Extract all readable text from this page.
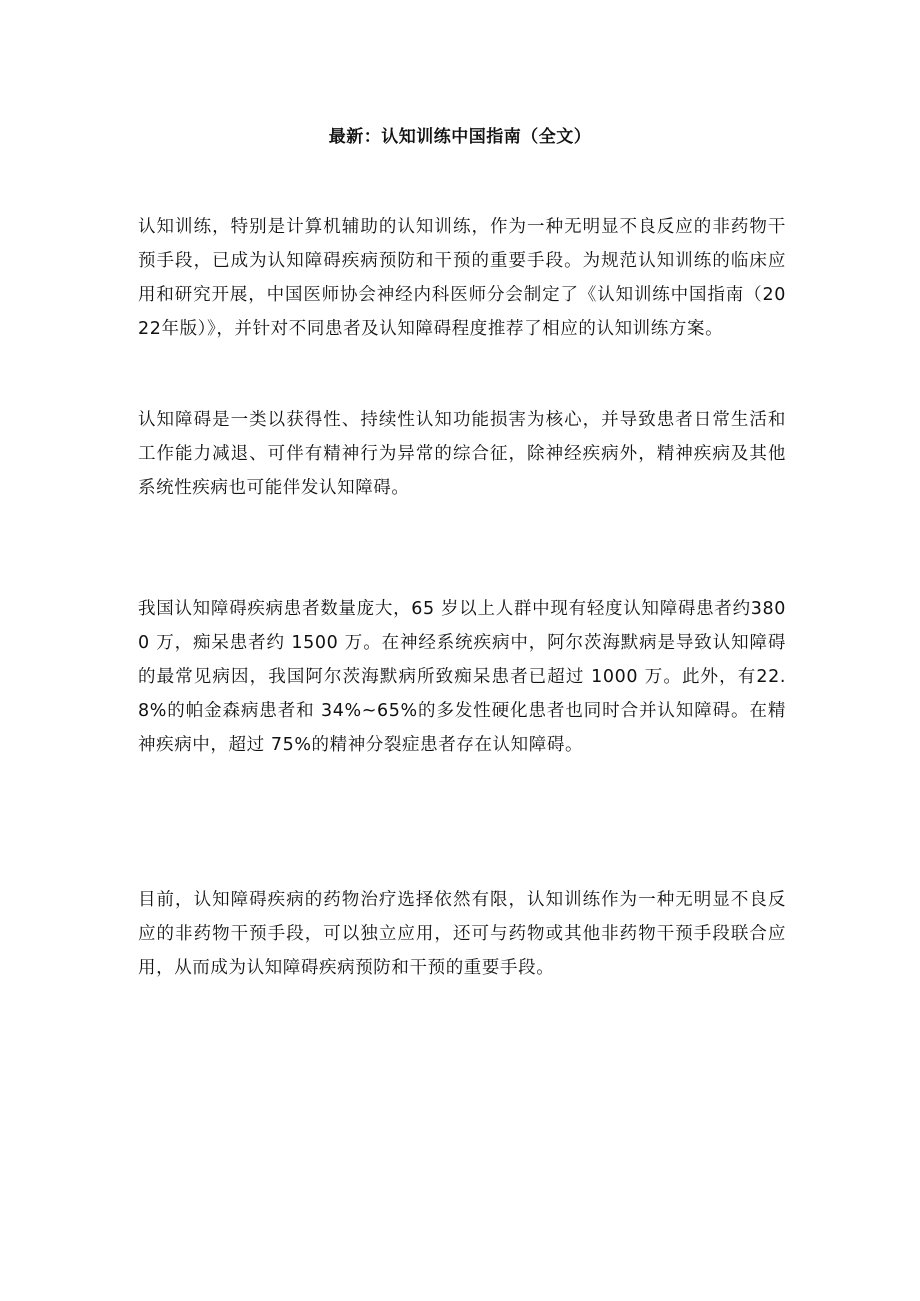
最新：认知训练中国指南（全文）
认知训练，特别是计算机辅助的认知训练，作为一种无明显不良反应的非药物干预手段，已成为认知障碍疾病预防和干预的重要手段。为规范认知训练的临床应用和研究开展，中国医师协会神经内科医师分会制定了《认知训练中国指南（2022年版）》，并针对不同患者及认知障碍程度推荐了相应的认知训练方案。
认知障碍是一类以获得性、持续性认知功能损害为核心，并导致患者日常生活和工作能力减退、可伴有精神行为异常的综合征，除神经疾病外，精神疾病及其他系统性疾病也可能伴发认知障碍。
我国认知障碍疾病患者数量庞大，65 岁以上人群中现有轻度认知障碍患者约3800 万，痴呆患者约 1500 万。在神经系统疾病中，阿尔茨海默病是导致认知障碍的最常见病因，我国阿尔茨海默病所致痴呆患者已超过 1000 万。此外，有22.8%的帕金森病患者和 34%~65%的多发性硬化患者也同时合并认知障碍。在精神疾病中，超过 75%的精神分裂症患者存在认知障碍。
目前，认知障碍疾病的药物治疗选择依然有限，认知训练作为一种无明显不良反应的非药物干预手段，可以独立应用，还可与药物或其他非药物干预手段联合应用，从而成为认知障碍疾病预防和干预的重要手段。
